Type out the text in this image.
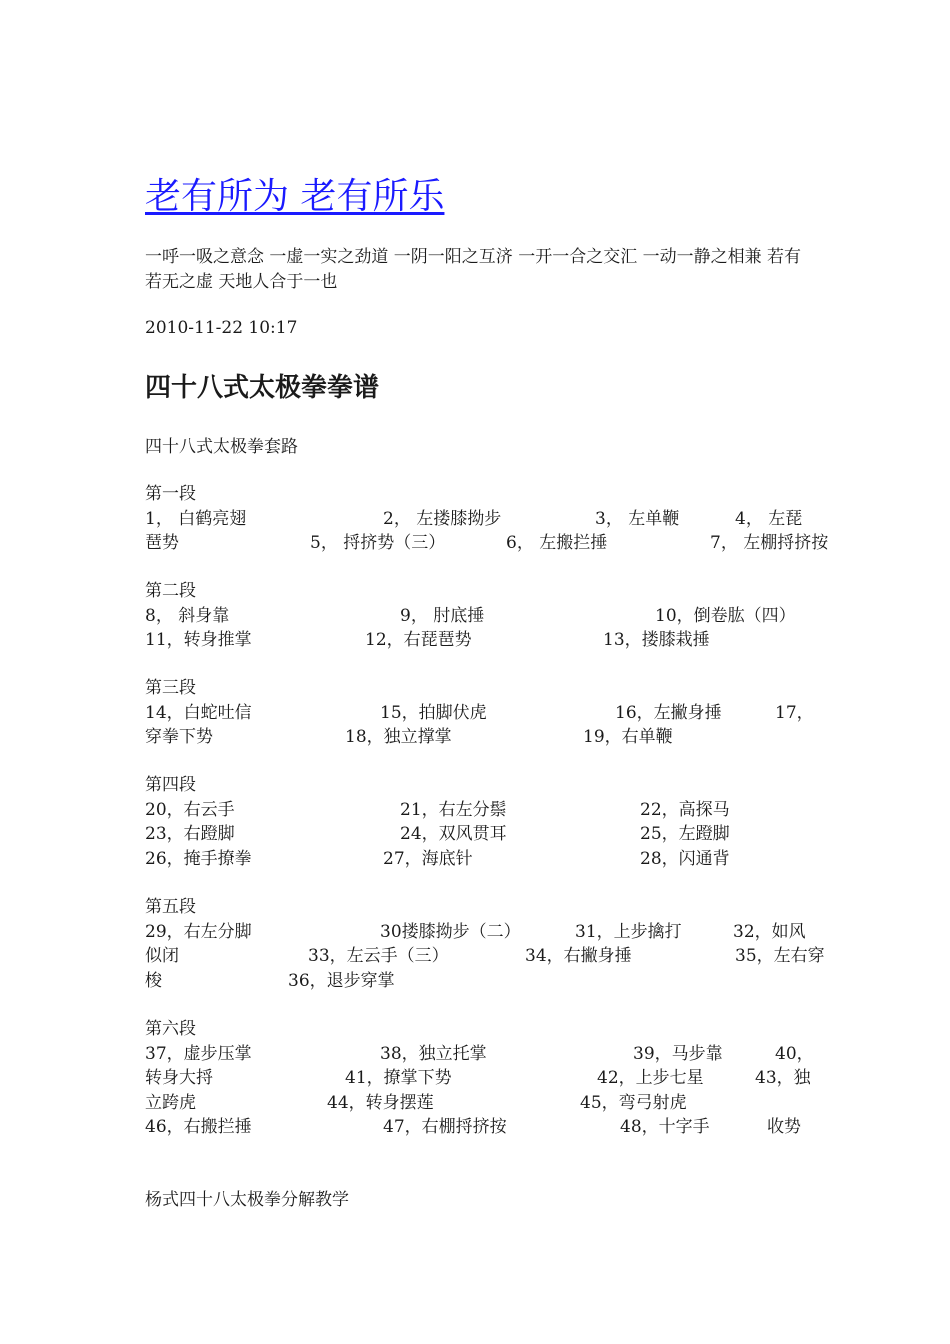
老有所为 老有所乐

一呼一吸之意念 一虚一实之劲道 一阴一阳之互济 一开一合之交汇 一动一静之相兼 若有若无之虚 天地人合于一也

2010-11-22 10:17

四十八式太极拳拳谱

四十八式太极拳套路

第一段

1， 白鹤亮翅	2， 左搂膝拗步	3， 左单鞭	4， 左琵
琶势	5， 捋挤势（三）	6， 左搬拦捶	7， 左棚捋挤按

第二段

8， 斜身靠	9， 肘底捶	10，倒卷肱（四）
11，转身推掌	12，右琵琶势	13，搂膝栽捶

第三段

14，白蛇吐信	15，拍脚伏虎	16，左撇身捶	17，
穿拳下势	18，独立撑掌	19，右单鞭

第四段

20，右云手	21，右左分鬃	22，高探马
23，右蹬脚	24，双风贯耳	25，左蹬脚
26，掩手撩拳	27，海底针	28，闪通背

第五段

29，右左分脚	30搂膝拗步（二）	31，上步擒打	32，如风
似闭	33，左云手（三）	34，右撇身捶	35，左右穿
梭	36，退步穿掌

第六段

37，虚步压掌	38，独立托掌	39，马步靠	40，
转身大捋	41，撩掌下势	42，上步七星	43，独
立跨虎	44，转身摆莲	45，弯弓射虎
46，右搬拦捶	47，右棚捋挤按	48，十字手	收势

杨式四十八太极拳分解教学
